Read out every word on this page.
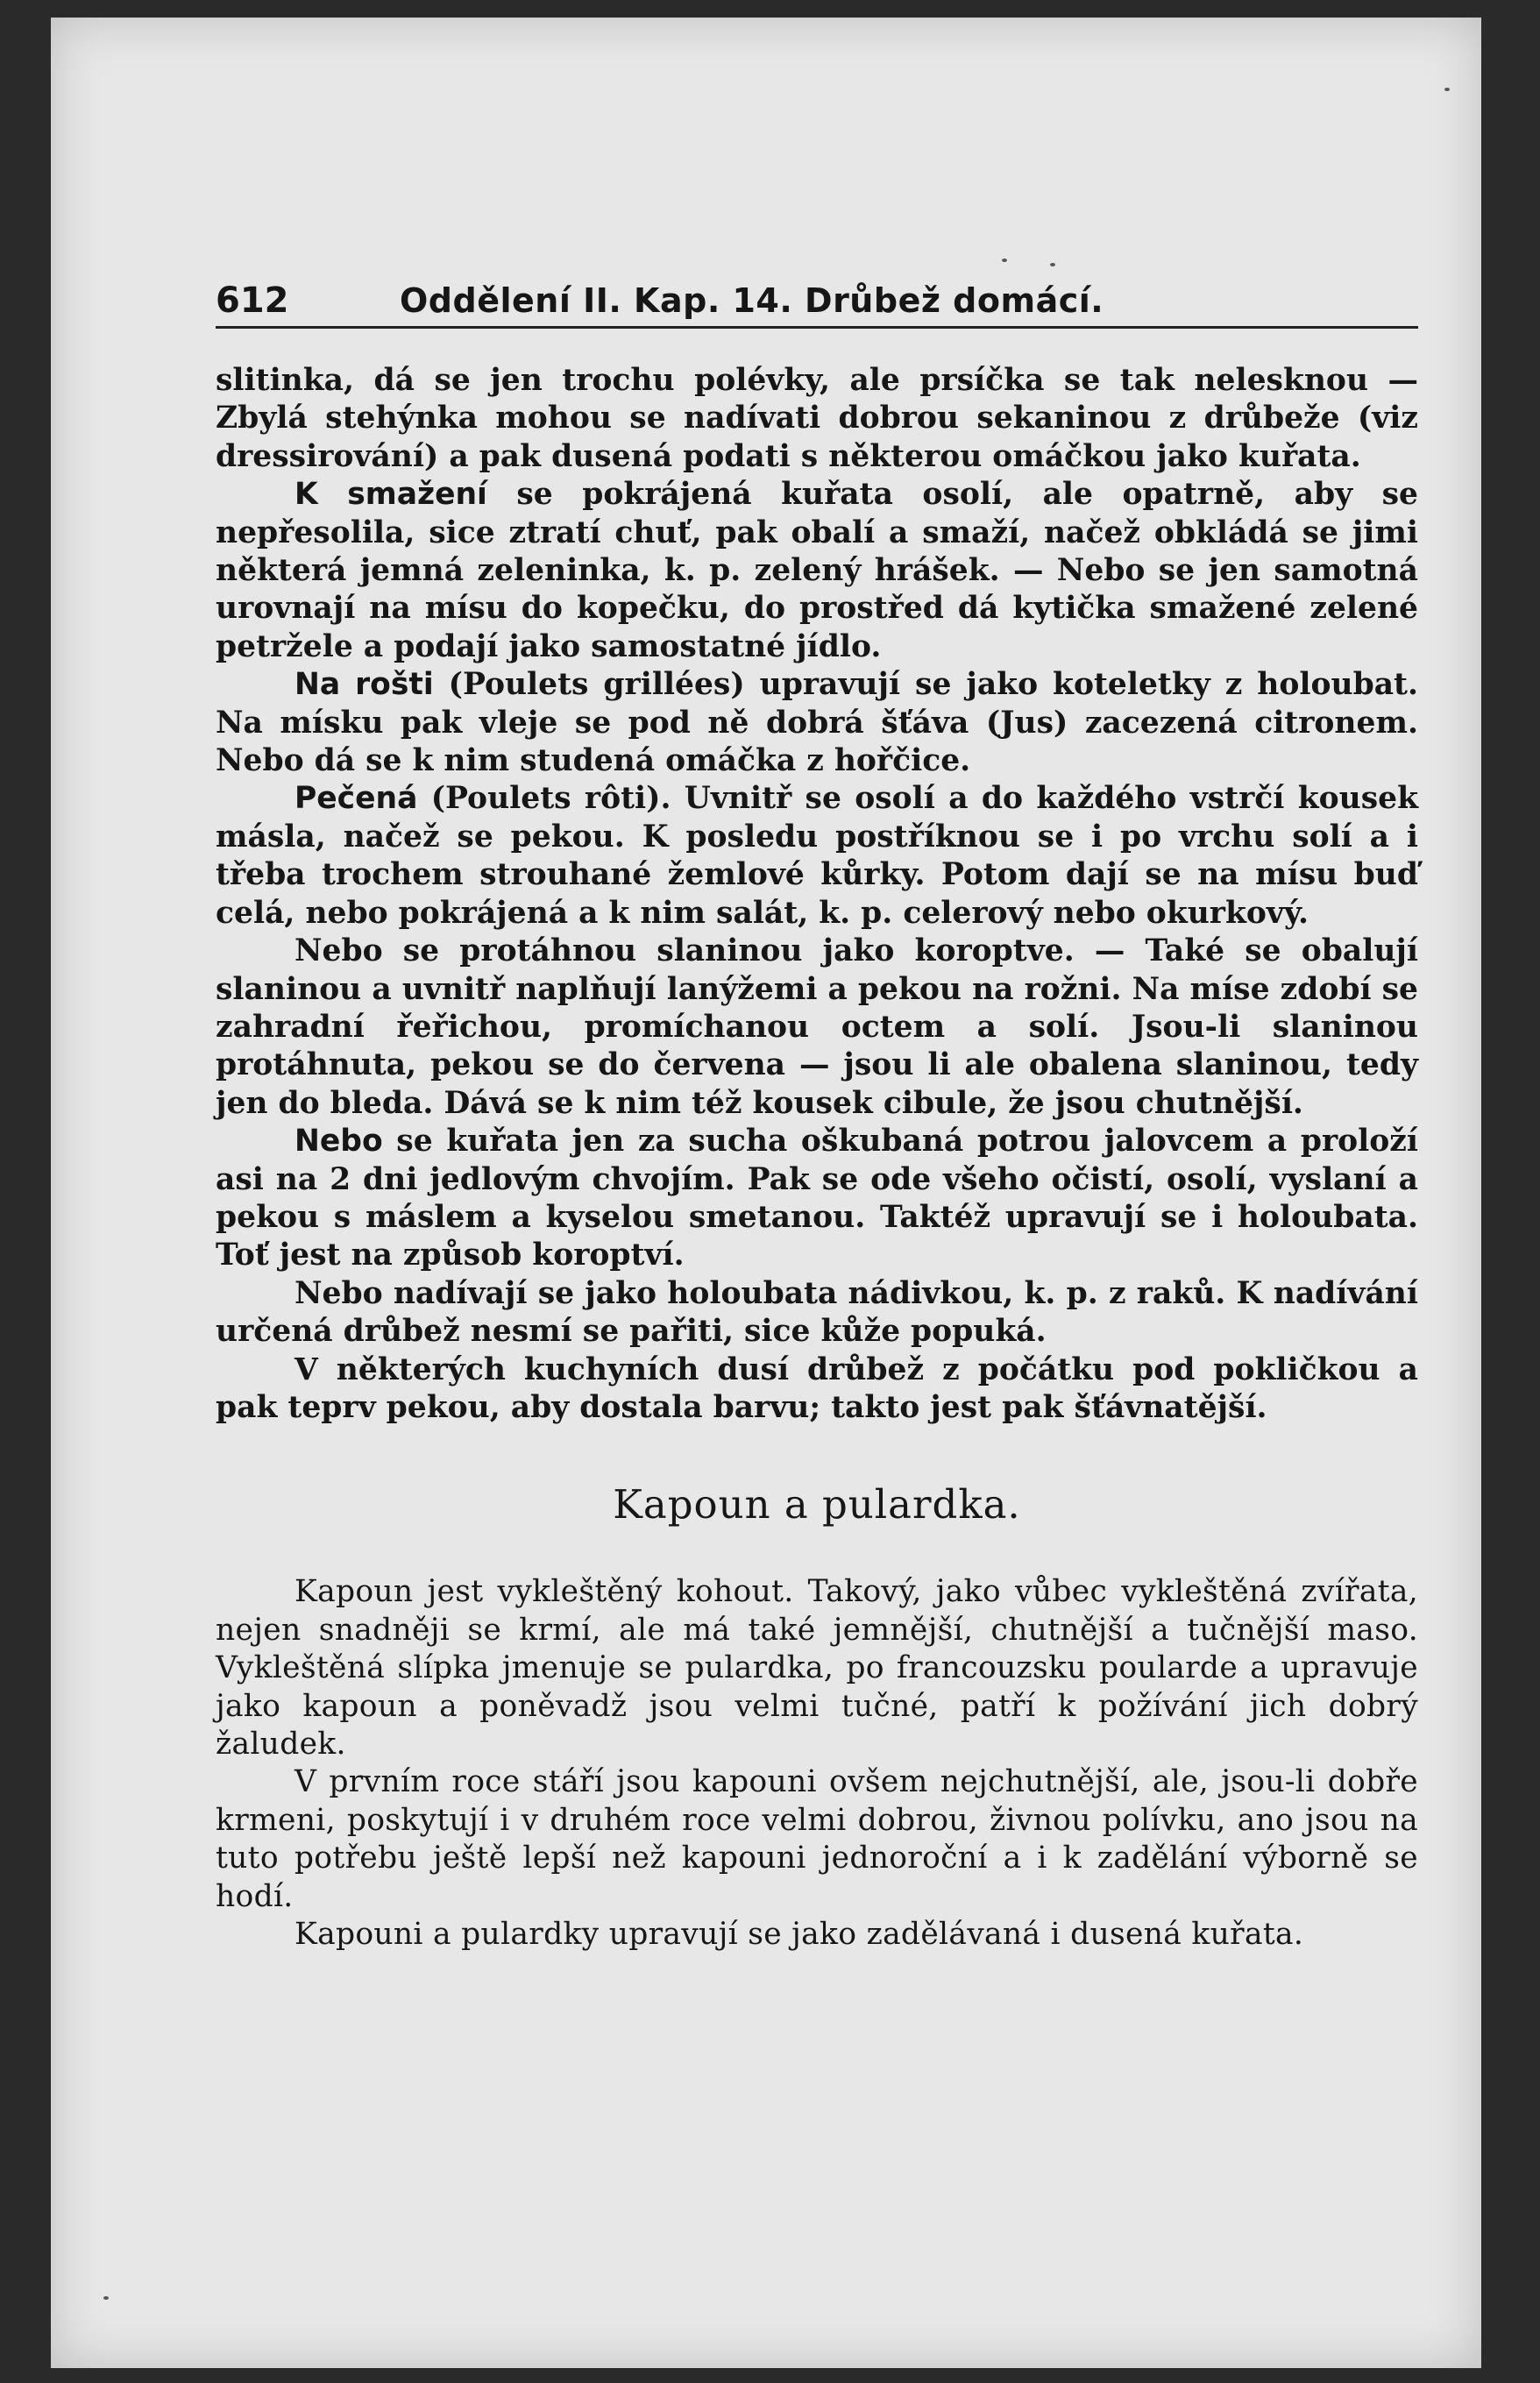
612	Oddělení II. Kap. 14. Drůbež domácí.

slitinka, dá se jen trochu polévky, ale prsíčka se tak nelesknou — Zbylá stehýnka mohou se nadívati dobrou sekaninou z drůbeže (viz dressirování) a pak dusená podati s některou omáčkou jako kuřata.

K smažení se pokrájená kuřata osolí, ale opatrně, aby se nepřesolila, sice ztratí chuť, pak obalí a smaží, načež obkládá se jimi některá jemná zeleninka, k. p. zelený hrášek. — Nebo se jen samotná urovnají na mísu do kopečku, do prostřed dá kytička smažené zelené petržele a podají jako samostatné jídlo.

Na rošti (Poulets grillées) upravují se jako koteletky z holoubat. Na mísku pak vleje se pod ně dobrá šťáva (Jus) zacezená citronem. Nebo dá se k nim studená omáčka z hořčice.

Pečená (Poulets rôti). Uvnitř se osolí a do každého vstrčí kousek másla, načež se pekou. K posledu postříknou se i po vrchu solí a i třeba trochem strouhané žemlové kůrky. Potom dají se na mísu buď celá, nebo pokrájená a k nim salát, k. p. celerový nebo okurkový.

Nebo se protáhnou slaninou jako koroptve. — Také se obalují slaninou a uvnitř naplňují lanýžemi a pekou na rožni. Na míse zdobí se zahradní řeřichou, promíchanou octem a solí. Jsou-li slaninou protáhnuta, pekou se do červena — jsou li ale obalena slaninou, tedy jen do bleda. Dává se k nim též kousek cibule, že jsou chutnější.

Nebo se kuřata jen za sucha oškubaná potrou jalovcem a proloží asi na 2 dni jedlovým chvojím. Pak se ode všeho očistí, osolí, vyslaní a pekou s máslem a kyselou smetanou. Taktéž upravují se i holoubata. Toť jest na způsob koroptví.

Nebo nadívají se jako holoubata nádivkou, k. p. z raků. K nadívání určená drůbež nesmí se pařiti, sice kůže popuká.

V některých kuchyních dusí drůbež z počátku pod pokličkou a pak teprv pekou, aby dostala barvu; takto jest pak šťávnatější.

Kapoun a pulardka.

Kapoun jest vykleštěný kohout. Takový, jako vůbec vykleštěná zvířata, nejen snadněji se krmí, ale má také jemnější, chutnější a tučnější maso. Vykleštěná slípka jmenuje se pulardka, po francouzsku poularde a upravuje jako kapoun a poněvadž jsou velmi tučné, patří k požívání jich dobrý žaludek.

V prvním roce stáří jsou kapouni ovšem nejchutnější, ale, jsou-li dobře krmeni, poskytují i v druhém roce velmi dobrou, živnou polívku, ano jsou na tuto potřebu ještě lepší než kapouni jednoroční a i k zadělání výborně se hodí.

Kapouni a pulardky upravují se jako zadělávaná i dusená kuřata.
